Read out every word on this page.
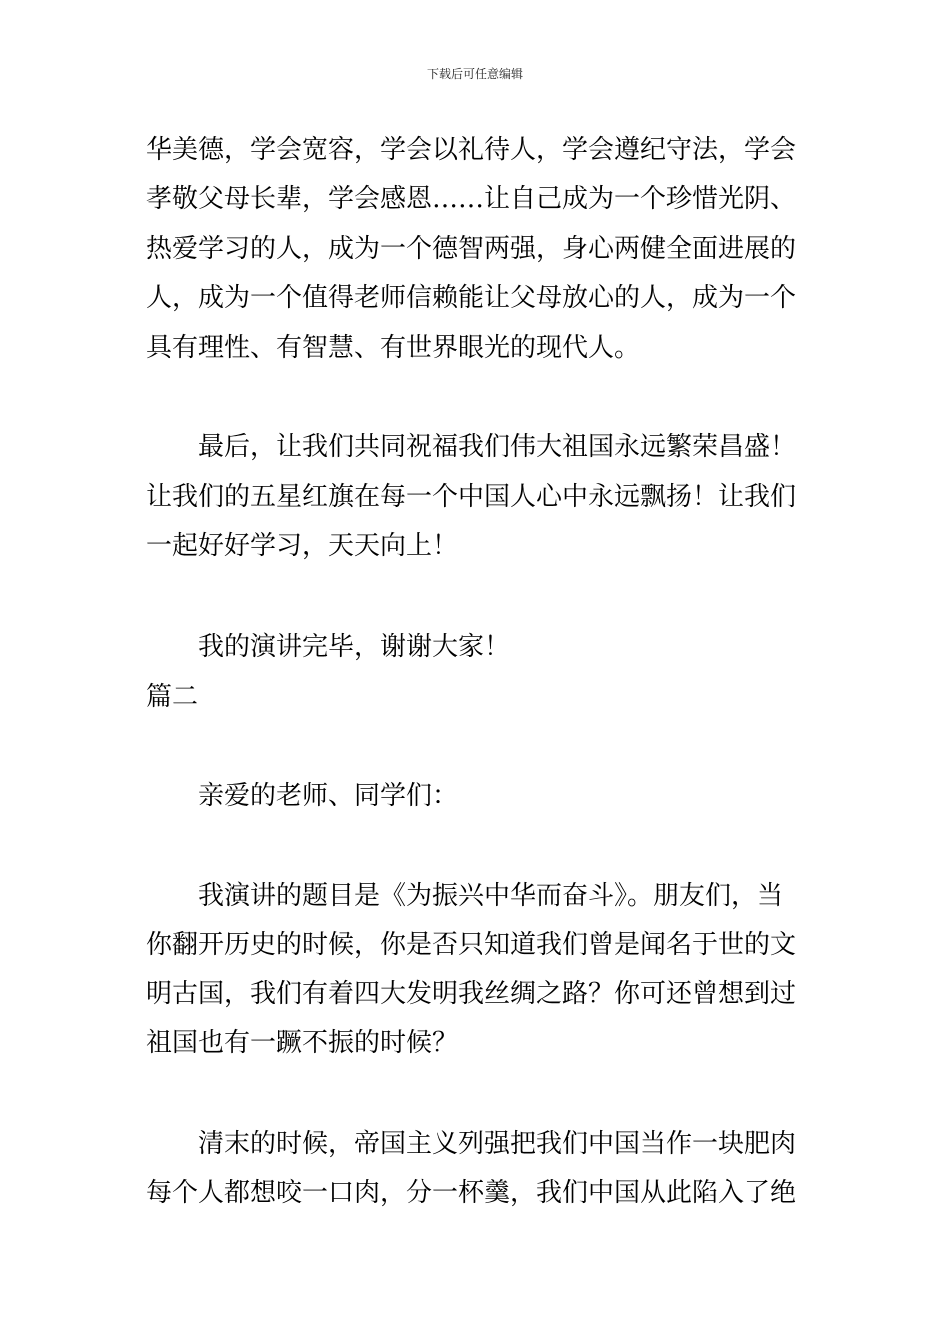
下载后可任意编辑
华美德，学会宽容，学会以礼待人，学会遵纪守法，学会
孝敬父母长辈，学会感恩……让自己成为一个珍惜光阴、
热爱学习的人，成为一个德智两强，身心两健全面进展的
人，成为一个值得老师信赖能让父母放心的人，成为一个
具有理性、有智慧、有世界眼光的现代人。
最后，让我们共同祝福我们伟大祖国永远繁荣昌盛！
让我们的五星红旗在每一个中国人心中永远飘扬！让我们
一起好好学习，天天向上！
我的演讲完毕，谢谢大家！
篇二
亲爱的老师、同学们：
我演讲的题目是《为振兴中华而奋斗》。朋友们，当
你翻开历史的时候，你是否只知道我们曾是闻名于世的文
明古国，我们有着四大发明我丝绸之路？你可还曾想到过
祖国也有一蹶不振的时候？
清末的时候，帝国主义列强把我们中国当作一块肥肉
每个人都想咬一口肉，分一杯羹，我们中国从此陷入了绝
